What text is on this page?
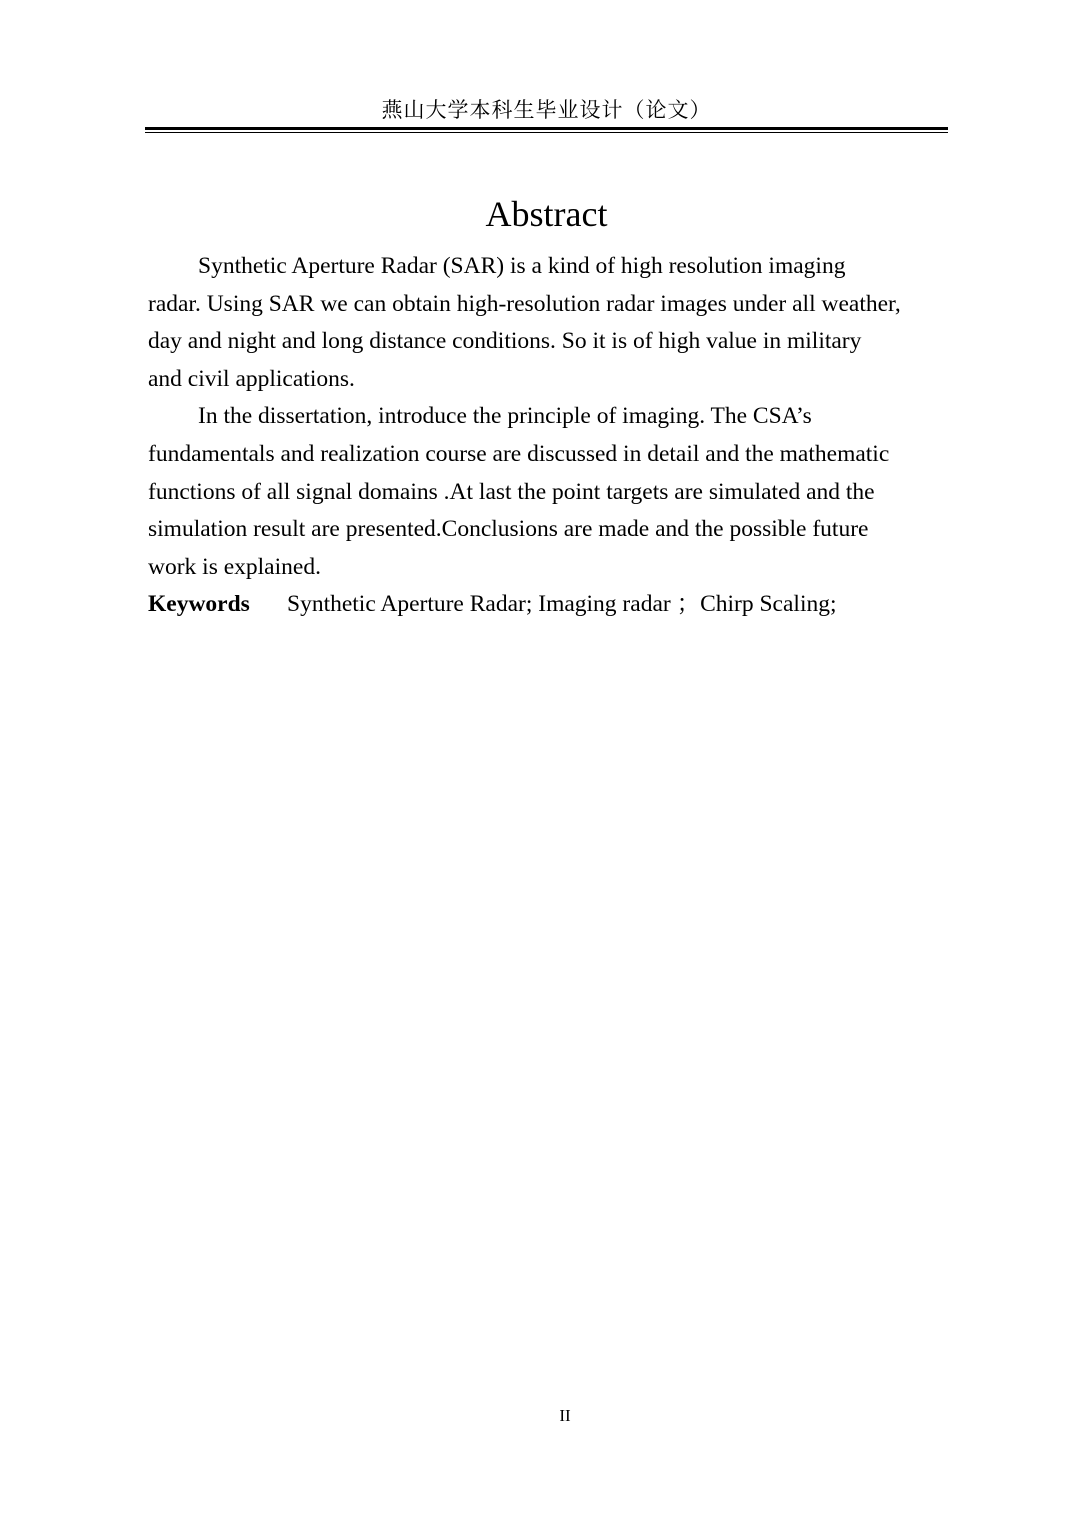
燕山大学本科生毕业设计（论文）
Abstract
Synthetic Aperture Radar (SAR) is a kind of high resolution imaging
radar. Using SAR we can obtain high-resolution radar images under all weather,
day and night and long distance conditions. So it is of high value in military
and civil applications.
In the dissertation, introduce the principle of imaging. The CSA’s
fundamentals and realization course are discussed in detail and the mathematic
functions of all signal domains .At last the point targets are simulated and the
simulation result are presented.Conclusions are made and the possible future
work is explained.
Keywords Synthetic Aperture Radar; Imaging radar ；Chirp Scaling;
II
